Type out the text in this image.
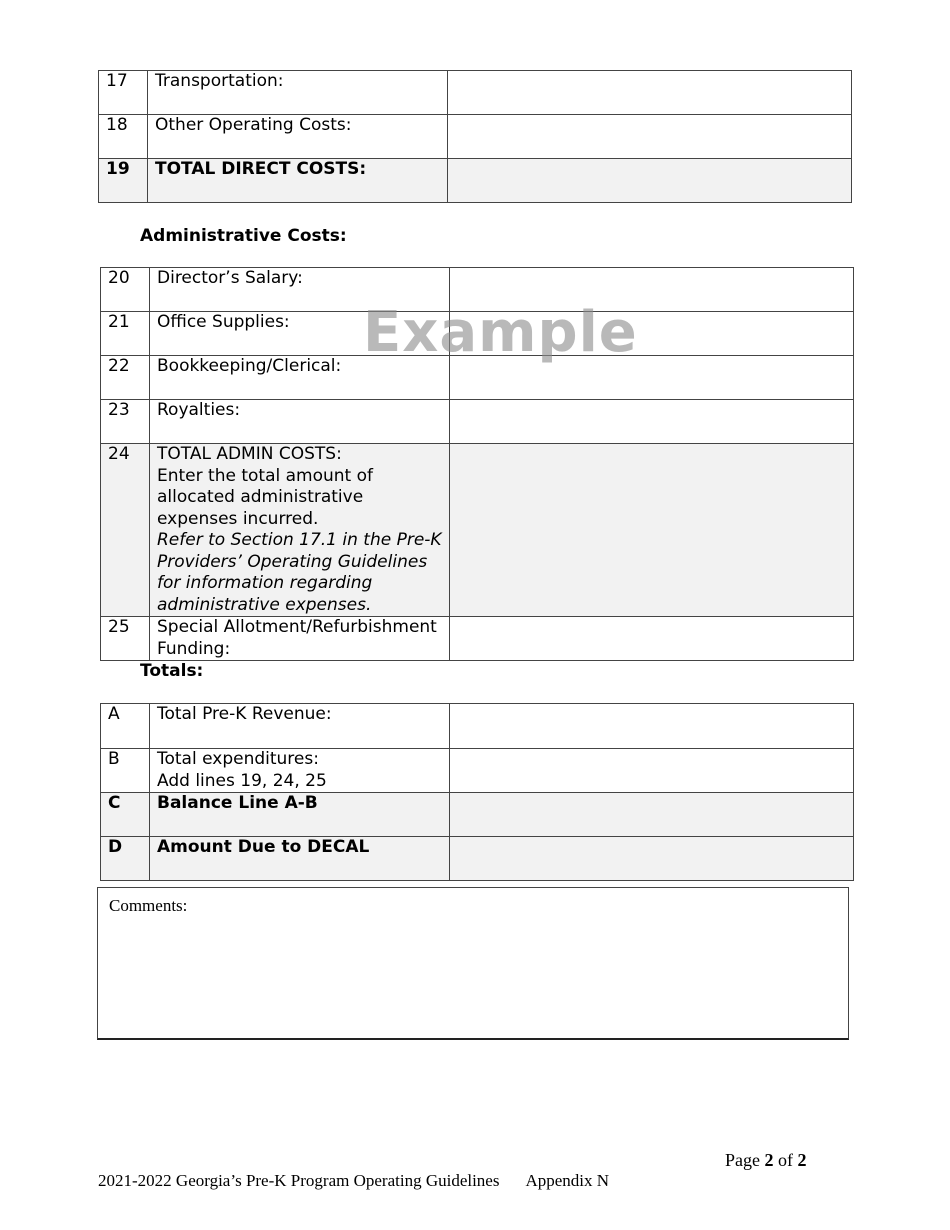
17	Transportation:	
18	Other Operating Costs:	
19	TOTAL DIRECT COSTS:	
Administrative Costs:
20	Director’s Salary:	
21	Office Supplies:	
22	Bookkeeping/Clerical:	
23	Royalties:	
24	TOTAL ADMIN COSTS:
Enter the total amount of allocated administrative expenses incurred.
Refer to Section 17.1 in the Pre-K Providers’ Operating Guidelines for information regarding administrative expenses.	

25	Special Allotment/Refurbishment Funding:	
Example
Totals:
A	Total Pre-K Revenue:	
B	Total expenditures:
Add lines 19, 24, 25	

C	Balance Line A-B	
D	Amount Due to DECAL	
Comments:
Page 2 of 2
2021-2022 Georgia’s Pre-K Program Operating Guidelines Appendix N
